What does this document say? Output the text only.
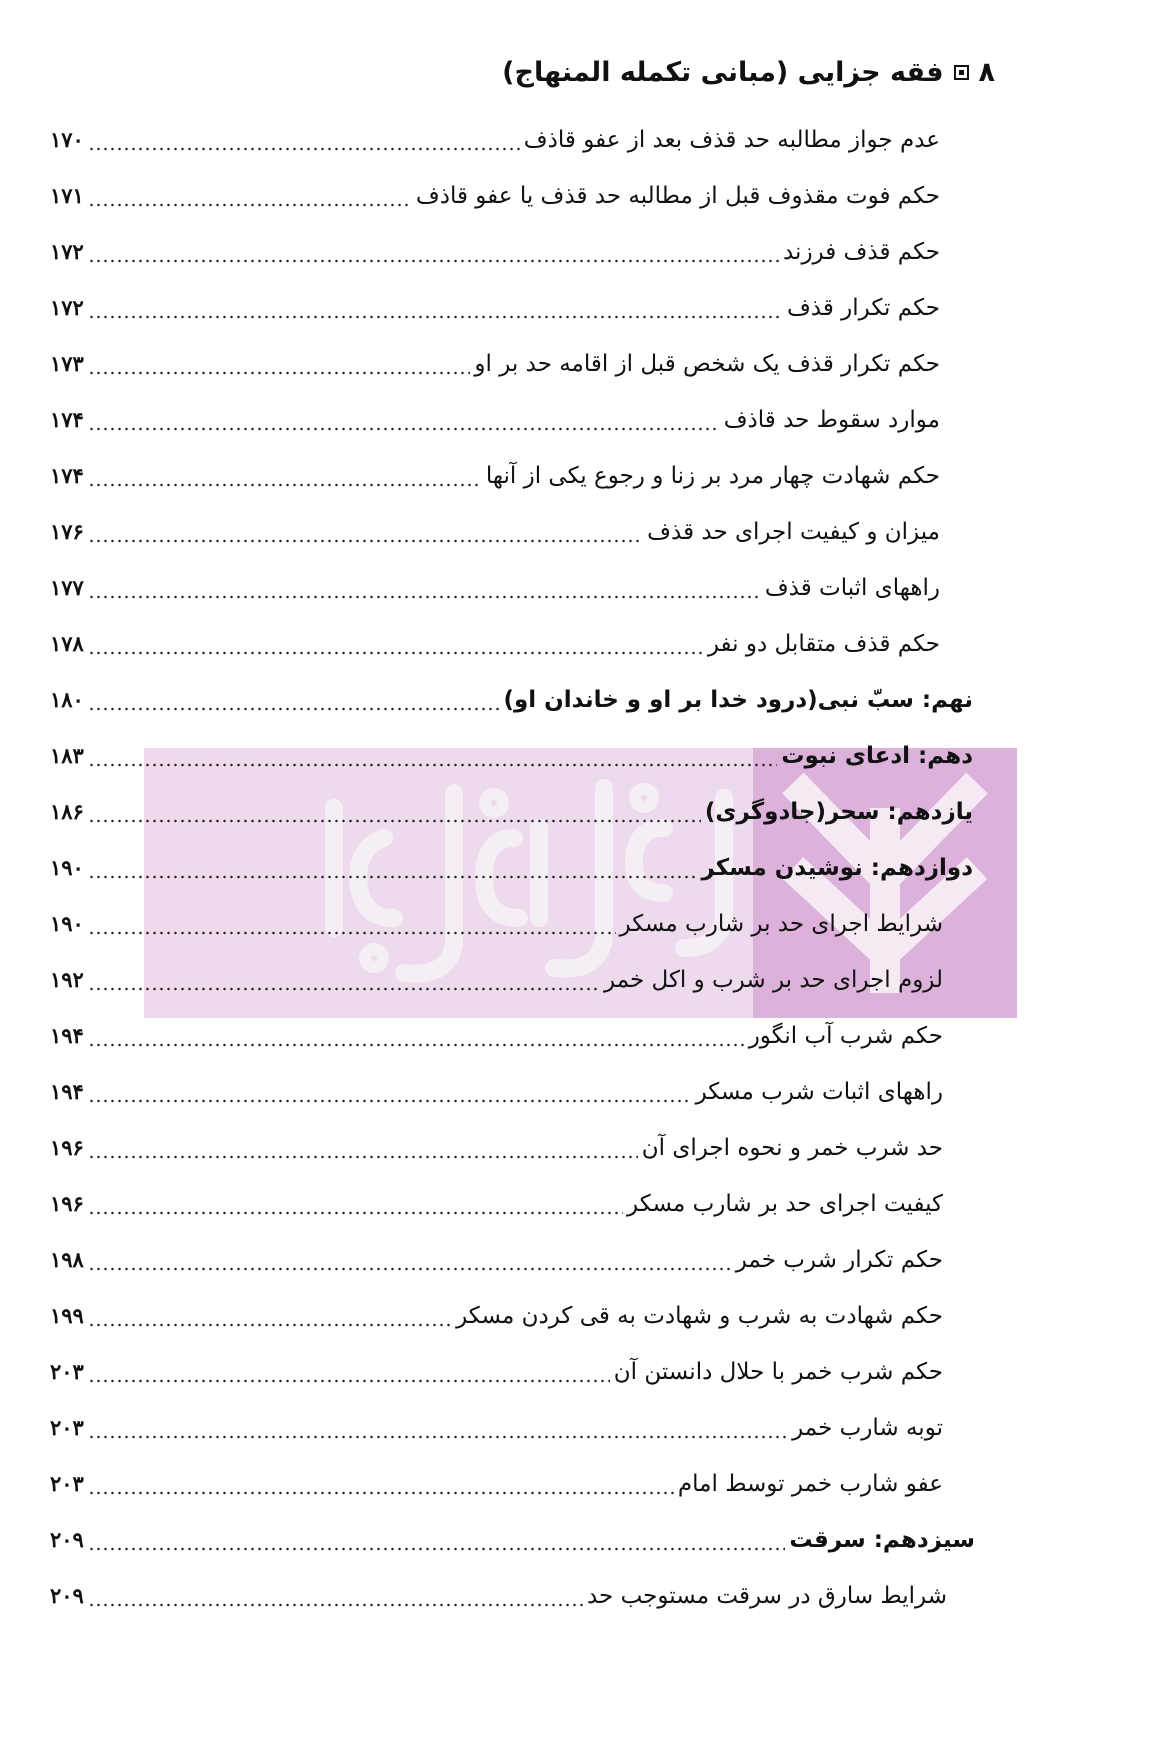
۸
فقه جزایی (مبانی تکمله المنهاج)
عدم جواز مطالبه حد قذف بعد از عفو قاذف
۱۷۰
حکم فوت مقذوف قبل از مطالبه حد قذف یا عفو قاذف
۱۷۱
حکم قذف فرزند
۱۷۲
حکم تکرار قذف
۱۷۲
حکم تکرار قذف یک شخص قبل از اقامه حد بر او
۱۷۳
موارد سقوط حد قاذف
۱۷۴
حکم شهادت چهار مرد بر زنا و رجوع یکی از آنها
۱۷۴
میزان و کیفیت اجرای حد قذف
۱۷۶
راههای اثبات قذف
۱۷۷
حکم قذف متقابل دو نفر
۱۷۸
نهم: سبّ نبی(درود خدا بر او و خاندان او)
۱۸۰
دهم: ادعای نبوت
۱۸۳
یازدهم: سحر(جادوگری)
۱۸۶
دوازدهم: نوشیدن مسکر
۱۹۰
شرایط اجرای حد بر شارب مسکر
۱۹۰
لزوم اجرای حد بر شرب و اکل خمر
۱۹۲
حکم شرب آب انگور
۱۹۴
راههای اثبات شرب مسکر
۱۹۴
حد شرب خمر و نحوه اجرای آن
۱۹۶
کیفیت اجرای حد بر شارب مسکر
۱۹۶
حکم تکرار شرب خمر
۱۹۸
حکم شهادت به شرب و شهادت به قی کردن مسکر
۱۹۹
حکم شرب خمر با حلال دانستن آن
۲۰۳
توبه شارب خمر
۲۰۳
عفو شارب خمر توسط امام
۲۰۳
سیزدهم: سرقت
۲۰۹
شرایط سارق در سرقت مستوجب حد
۲۰۹
